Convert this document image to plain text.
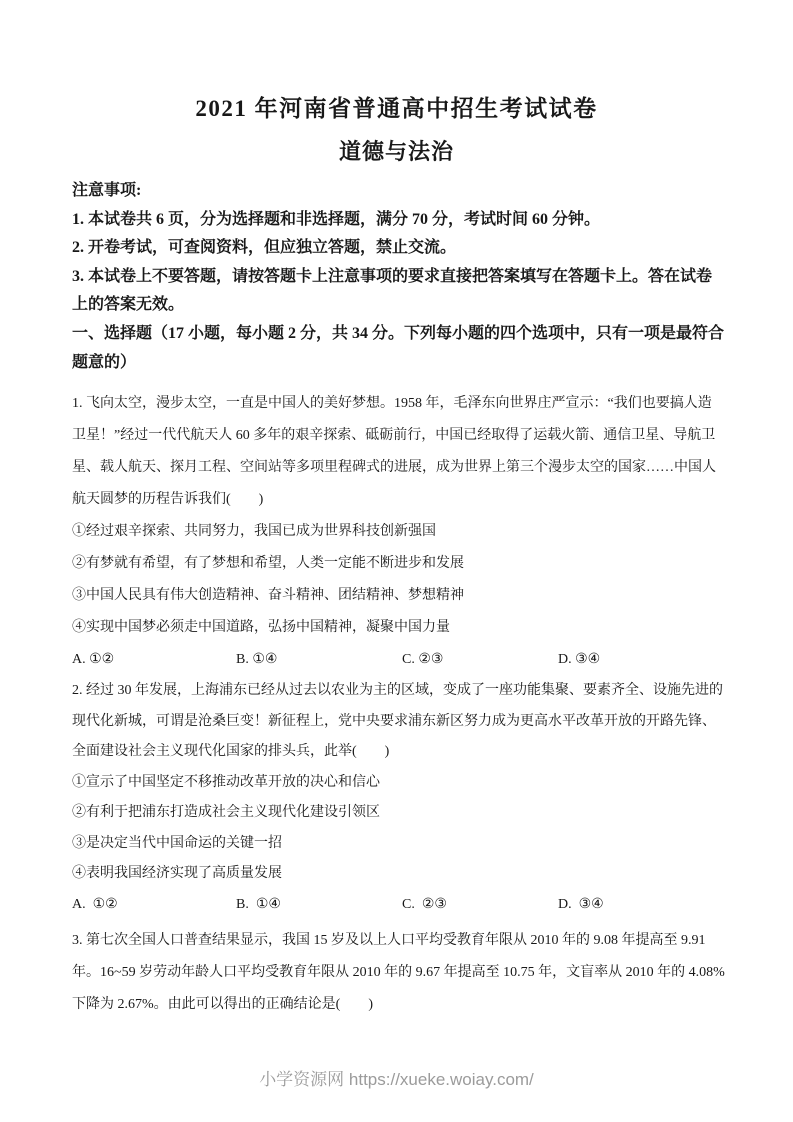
2021 年河南省普通高中招生考试试卷
道德与法治
注意事项:
1. 本试卷共 6 页，分为选择题和非选择题，满分 70 分，考试时间 60 分钟。
2. 开卷考试，可查阅资料，但应独立答题，禁止交流。
3. 本试卷上不要答题，请按答题卡上注意事项的要求直接把答案填写在答题卡上。答在试卷
上的答案无效。
一、选择题（17 小题，每小题 2 分，共 34 分。下列每小题的四个选项中，只有一项是最符合
题意的）
1. 飞向太空，漫步太空，一直是中国人的美好梦想。1958 年，毛泽东向世界庄严宣示：“我们也要搞人造
卫星！”经过一代代航天人 60 多年的艰辛探索、砥砺前行，中国已经取得了运载火箭、通信卫星、导航卫
星、载人航天、探月工程、空间站等多项里程碑式的进展，成为世界上第三个漫步太空的国家……中国人
航天圆梦的历程告诉我们(　　)
①经过艰辛探索、共同努力，我国已成为世界科技创新强国
②有梦就有希望，有了梦想和希望，人类一定能不断进步和发展
③中国人民具有伟大创造精神、奋斗精神、团结精神、梦想精神
④实现中国梦必须走中国道路，弘扬中国精神，凝聚中国力量
A. ①②	B. ①④	C. ②③	D. ③④
2. 经过 30 年发展，上海浦东已经从过去以农业为主的区域，变成了一座功能集聚、要素齐全、设施先进的
现代化新城，可谓是沧桑巨变！新征程上，党中央要求浦东新区努力成为更高水平改革开放的开路先锋、
全面建设社会主义现代化国家的排头兵，此举(　　)
①宣示了中国坚定不移推动改革开放的决心和信心
②有利于把浦东打造成社会主义现代化建设引领区
③是决定当代中国命运的关键一招
④表明我国经济实现了高质量发展
A.  ①②	B.  ①④	C.  ②③	D.  ③④
3. 第七次全国人口普查结果显示，我国 15 岁及以上人口平均受教育年限从 2010 年的 9.08 年提高至 9.91
年。16~59 岁劳动年龄人口平均受教育年限从 2010 年的 9.67 年提高至 10.75 年，文盲率从 2010 年的 4.08%
下降为 2.67%。由此可以得出的正确结论是(　　)
小学资源网 https://xueke.woiay.com/
